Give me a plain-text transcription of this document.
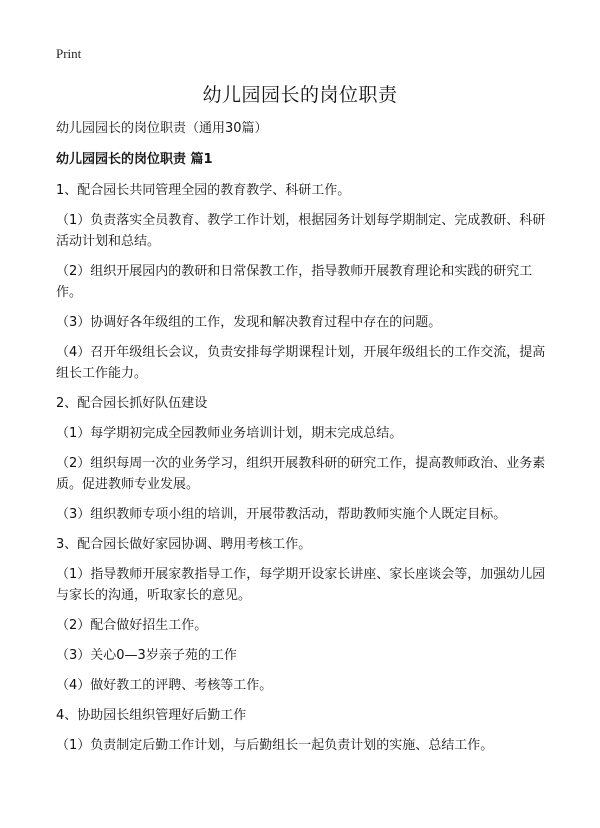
Print
幼儿园园长的岗位职责

幼儿园园长的岗位职责（通用30篇）

幼儿园园长的岗位职责 篇1

1、配合园长共同管理全园的教育教学、科研工作。

（1）负责落实全员教育、教学工作计划，根据园务计划每学期制定、完成教研、科研活动计划和总结。

（2）组织开展园内的教研和日常保教工作，指导教师开展教育理论和实践的研究工作。

（3）协调好各年级组的工作，发现和解决教育过程中存在的问题。

（4）召开年级组长会议，负责安排每学期课程计划，开展年级组长的工作交流，提高组长工作能力。

2、配合园长抓好队伍建设

（1）每学期初完成全园教师业务培训计划，期末完成总结。

（2）组织每周一次的业务学习，组织开展教科研的研究工作，提高教师政治、业务素质。促进教师专业发展。

（3）组织教师专项小组的培训，开展带教活动，帮助教师实施个人既定目标。

3、配合园长做好家园协调、聘用考核工作。

（1）指导教师开展家教指导工作，每学期开设家长讲座、家长座谈会等，加强幼儿园与家长的沟通，听取家长的意见。

（2）配合做好招生工作。

（3）关心0—3岁亲子苑的工作

（4）做好教工的评聘、考核等工作。

4、协助园长组织管理好后勤工作

（1）负责制定后勤工作计划，与后勤组长一起负责计划的实施、总结工作。
